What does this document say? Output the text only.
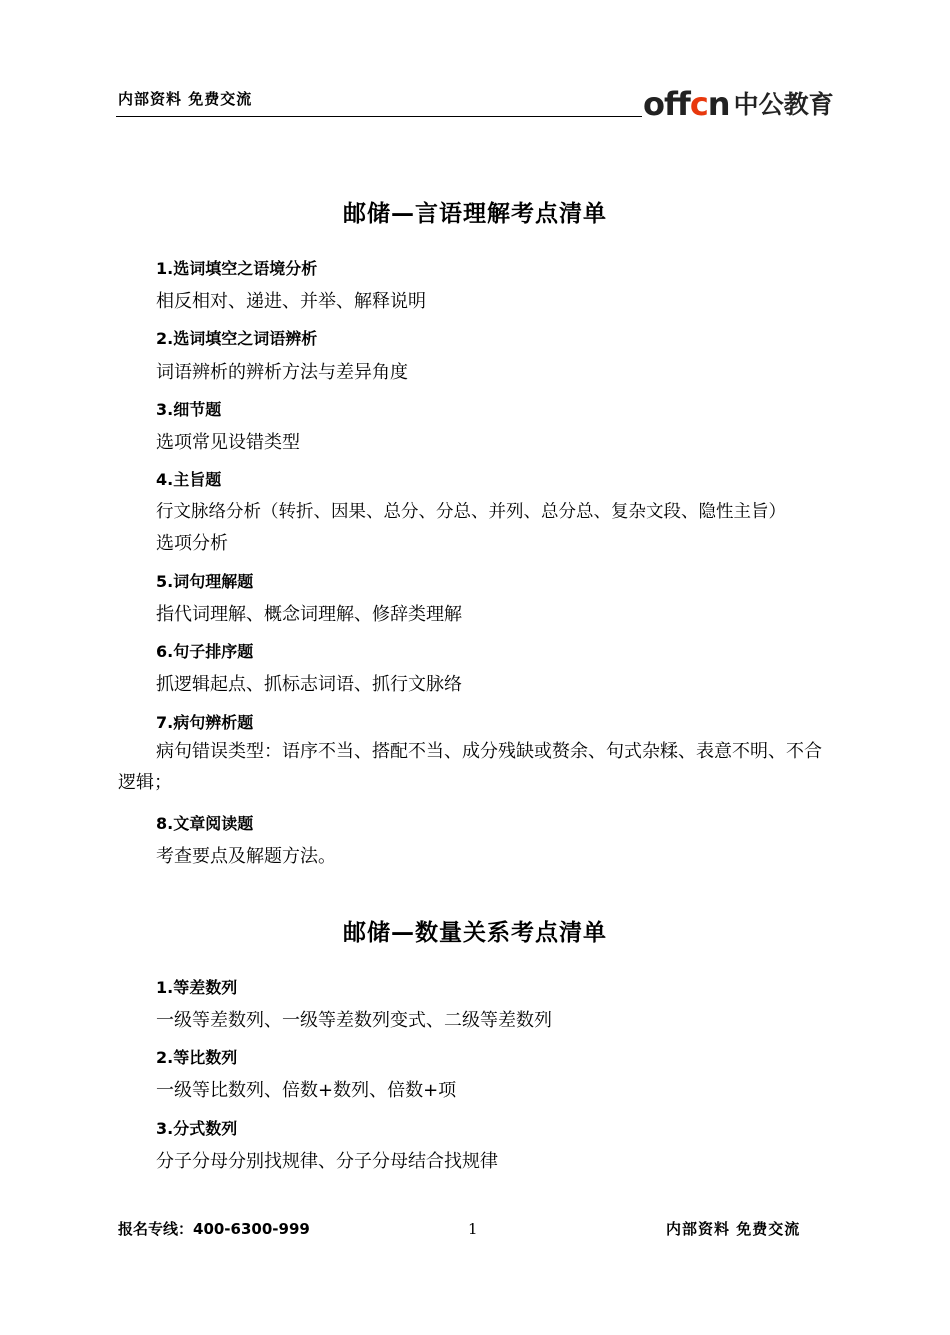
内部资料 免费交流	offcn 中公教育
邮储—言语理解考点清单
1.选词填空之语境分析
相反相对、递进、并举、解释说明
2.选词填空之词语辨析
词语辨析的辨析方法与差异角度
3.细节题
选项常见设错类型
4.主旨题
行文脉络分析（转折、因果、总分、分总、并列、总分总、复杂文段、隐性主旨）
选项分析
5.词句理解题
指代词理解、概念词理解、修辞类理解
6.句子排序题
抓逻辑起点、抓标志词语、抓行文脉络
7.病句辨析题
病句错误类型：语序不当、搭配不当、成分残缺或赘余、句式杂糅、表意不明、不合逻辑；
8.文章阅读题
考查要点及解题方法。
邮储—数量关系考点清单
1.等差数列
一级等差数列、一级等差数列变式、二级等差数列
2.等比数列
一级等比数列、倍数+数列、倍数+项
3.分式数列
分子分母分别找规律、分子分母结合找规律
报名专线：400-6300-999	1	内部资料 免费交流
